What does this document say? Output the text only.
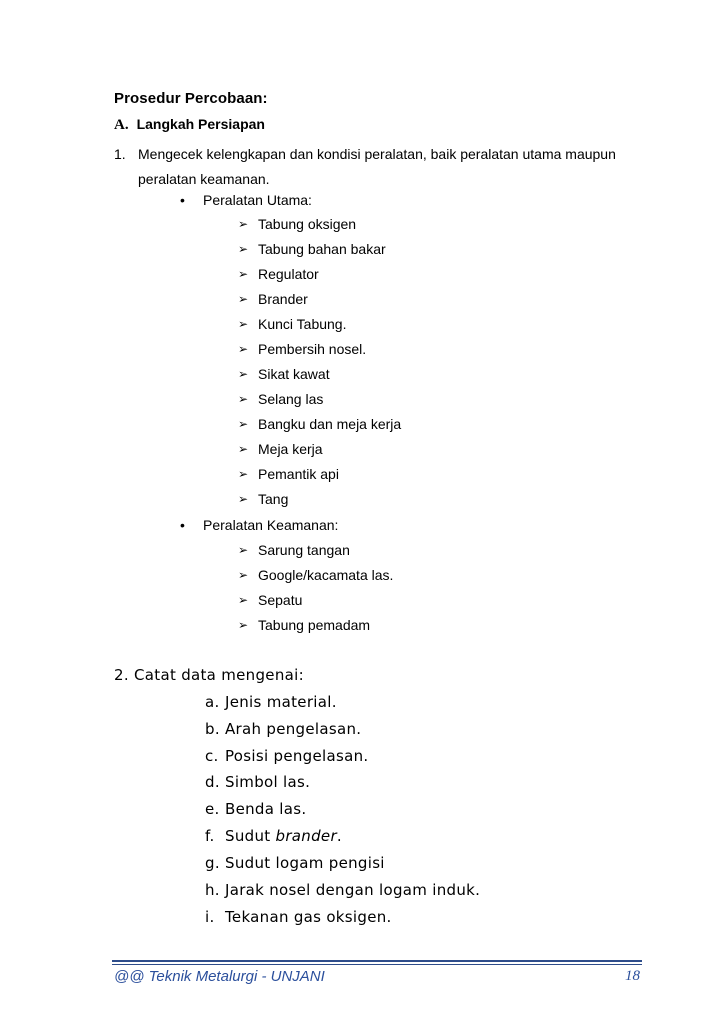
Prosedur Percobaan:
A. Langkah Persiapan
1. Mengecek kelengkapan dan kondisi peralatan, baik peralatan utama maupun
peralatan keamanan.
• Peralatan Utama:
➢ Tabung oksigen
➢ Tabung bahan bakar
➢ Regulator
➢ Brander
➢ Kunci Tabung.
➢ Pembersih nosel.
➢ Sikat kawat
➢ Selang las
➢ Bangku dan meja kerja
➢ Meja kerja
➢ Pemantik api
➢ Tang
• Peralatan Keamanan:
➢ Sarung tangan
➢ Google/kacamata las.
➢ Sepatu
➢ Tabung pemadam
2. Catat data mengenai:
a. Jenis material.
b. Arah pengelasan.
c. Posisi pengelasan.
d. Simbol las.
e. Benda las.
f. Sudut brander.
g. Sudut logam pengisi
h. Jarak nosel dengan logam induk.
i. Tekanan gas oksigen.
@@ Teknik Metalurgi - UNJANI	18
